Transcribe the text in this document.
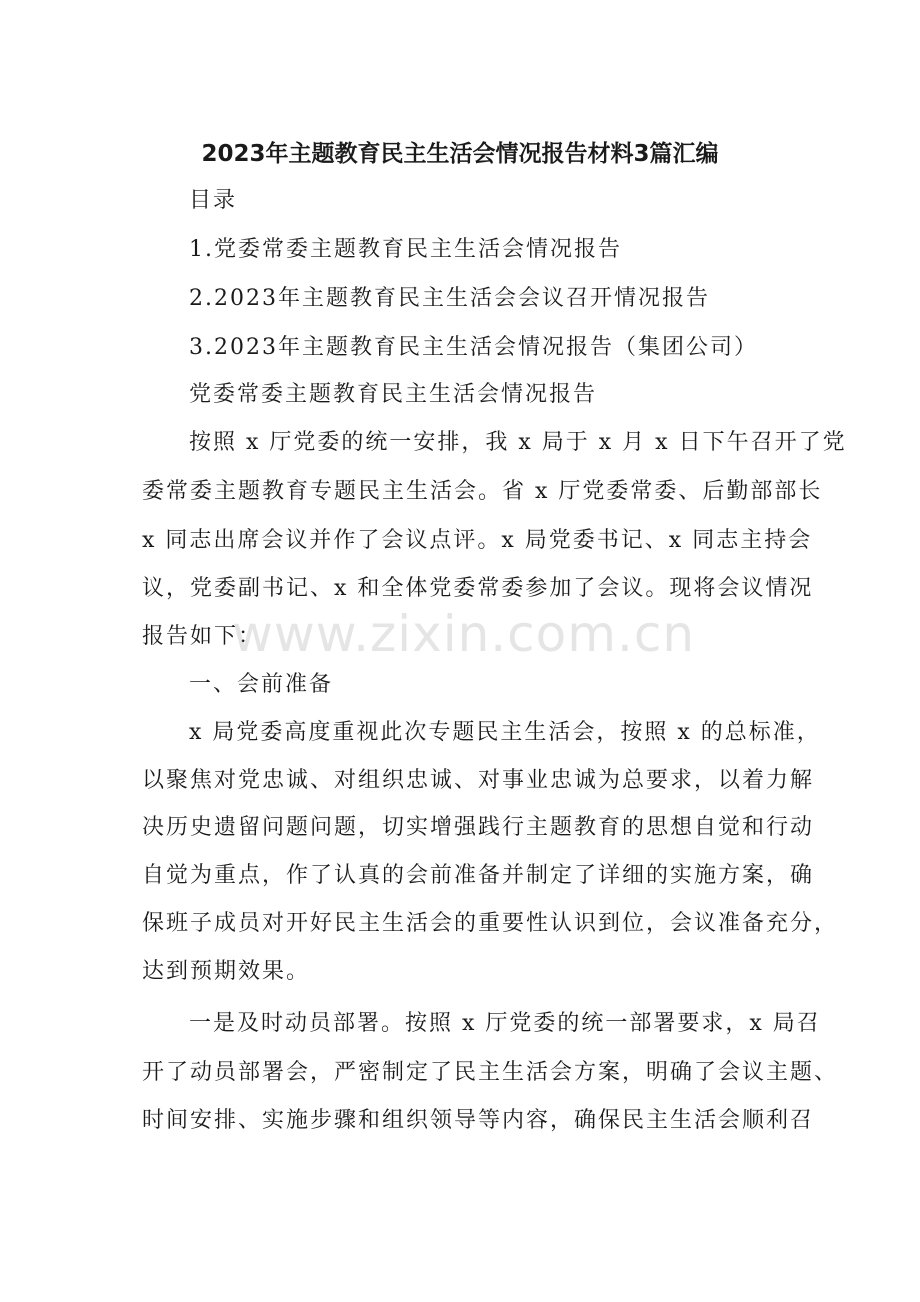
2023年主题教育民主生活会情况报告材料3篇汇编
目录
1.党委常委主题教育民主生活会情况报告
2.2023年主题教育民主生活会会议召开情况报告
3.2023年主题教育民主生活会情况报告（集团公司）
党委常委主题教育民主生活会情况报告
按照 x 厅党委的统一安排，我 x 局于 x 月 x 日下午召开了党
委常委主题教育专题民主生活会。省 x 厅党委常委、后勤部部长
x 同志出席会议并作了会议点评。x 局党委书记、x 同志主持会
议，党委副书记、x 和全体党委常委参加了会议。现将会议情况
报告如下：
一、会前准备
x 局党委高度重视此次专题民主生活会，按照 x 的总标准，
以聚焦对党忠诚、对组织忠诚、对事业忠诚为总要求，以着力解
决历史遗留问题问题，切实增强践行主题教育的思想自觉和行动
自觉为重点，作了认真的会前准备并制定了详细的实施方案，确
保班子成员对开好民主生活会的重要性认识到位，会议准备充分，
达到预期效果。
一是及时动员部署。按照 x 厅党委的统一部署要求，x 局召
开了动员部署会，严密制定了民主生活会方案，明确了会议主题、
时间安排、实施步骤和组织领导等内容，确保民主生活会顺利召
www.zixin.com.cn
